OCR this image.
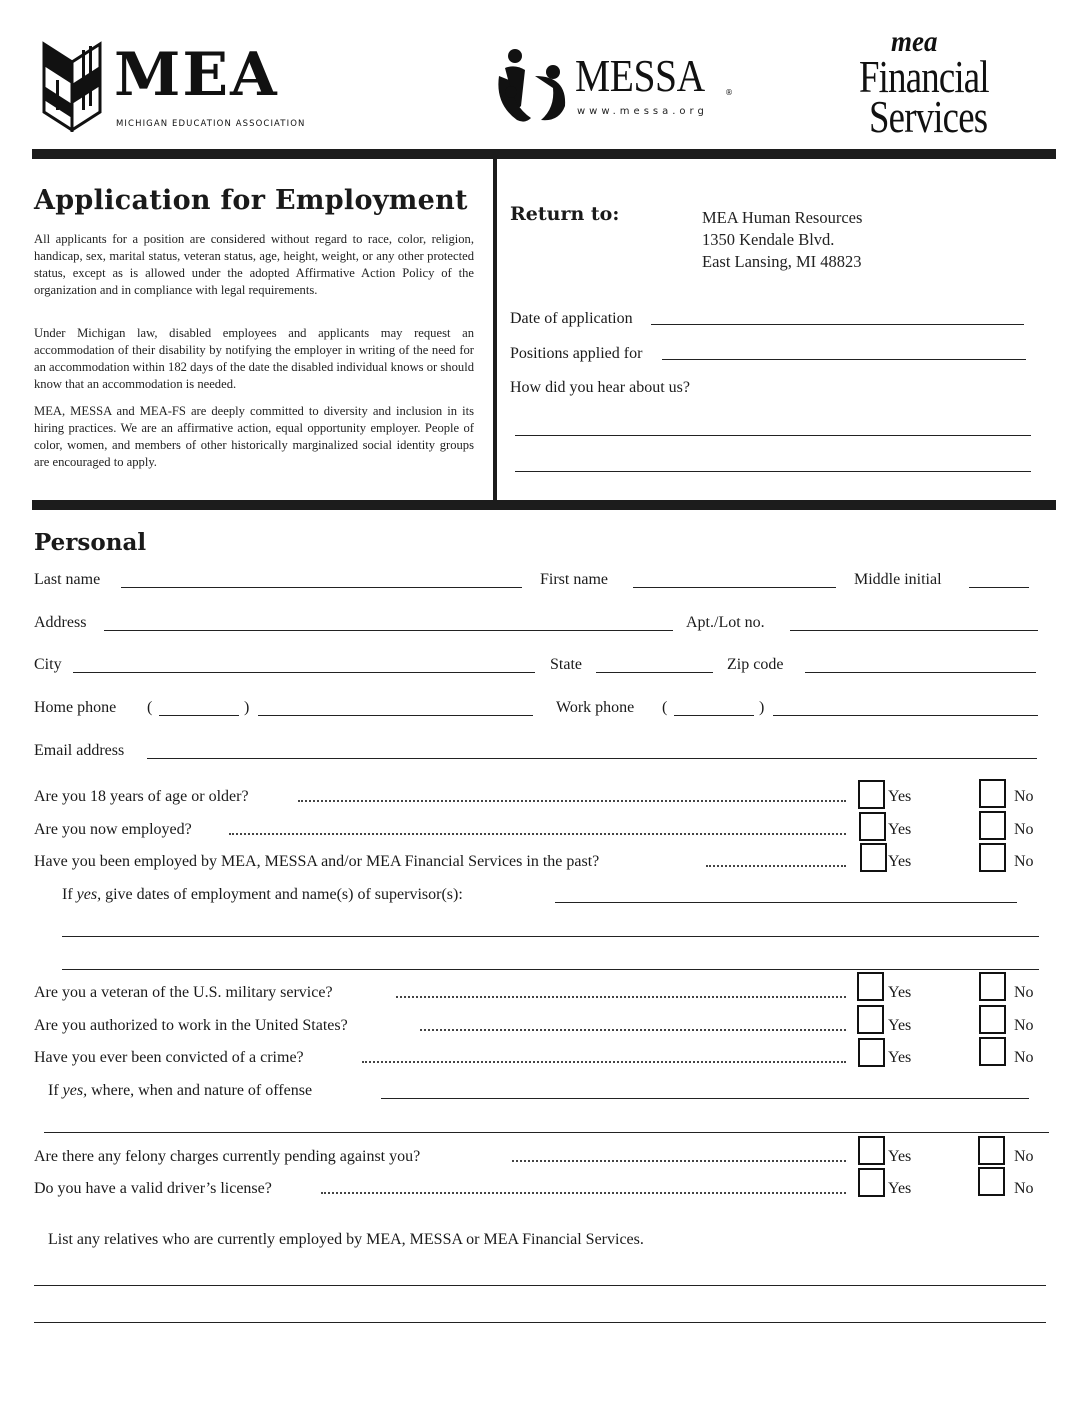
MEA
MICHIGAN EDUCATION ASSOCIATION
MESSA	®
www.messa.org
mea
Financial
Services
Application for Employment
All applicants for a position are considered without regard to race, color, religion, handicap, sex, marital status, veteran status, age, height, weight, or any other protected status, except as is allowed under the adopted Affirmative Action Policy of the organization and in compliance with legal requirements.
Under Michigan law, disabled employees and applicants may request an accommodation of their disability by notifying the employer in writing of the need for an accommodation within 182 days of the date the disabled individual knows or should know that an accommodation is needed.
MEA, MESSA and MEA-FS are deeply committed to diversity and inclusion in its hiring practices. We are an affirmative action, equal opportunity employer. People of color, women, and members of other historically marginalized social identity groups are encouraged to apply.
Return to:	MEA Human Resources
1350 Kendale Blvd.
East Lansing, MI 48823
Date of application
Positions applied for
How did you hear about us?
Personal
Last name	First name	Middle initial
Address	Apt./Lot no.
City	State	Zip code
Home phone (	)	Work phone (	)
Email address
Are you 18 years of age or older?	Yes	No
Are you now employed?	Yes	No
Have you been employed by MEA, MESSA and/or MEA Financial Services in the past?	Yes	No
If yes, give dates of employment and name(s) of supervisor(s):
Are you a veteran of the U.S. military service?	Yes	No
Are you authorized to work in the United States?	Yes	No
Have you ever been convicted of a crime?	Yes	No
If yes, where, when and nature of offense
Are there any felony charges currently pending against you?	Yes	No
Do you have a valid driver’s license?	Yes	No
List any relatives who are currently employed by MEA, MESSA or MEA Financial Services.
